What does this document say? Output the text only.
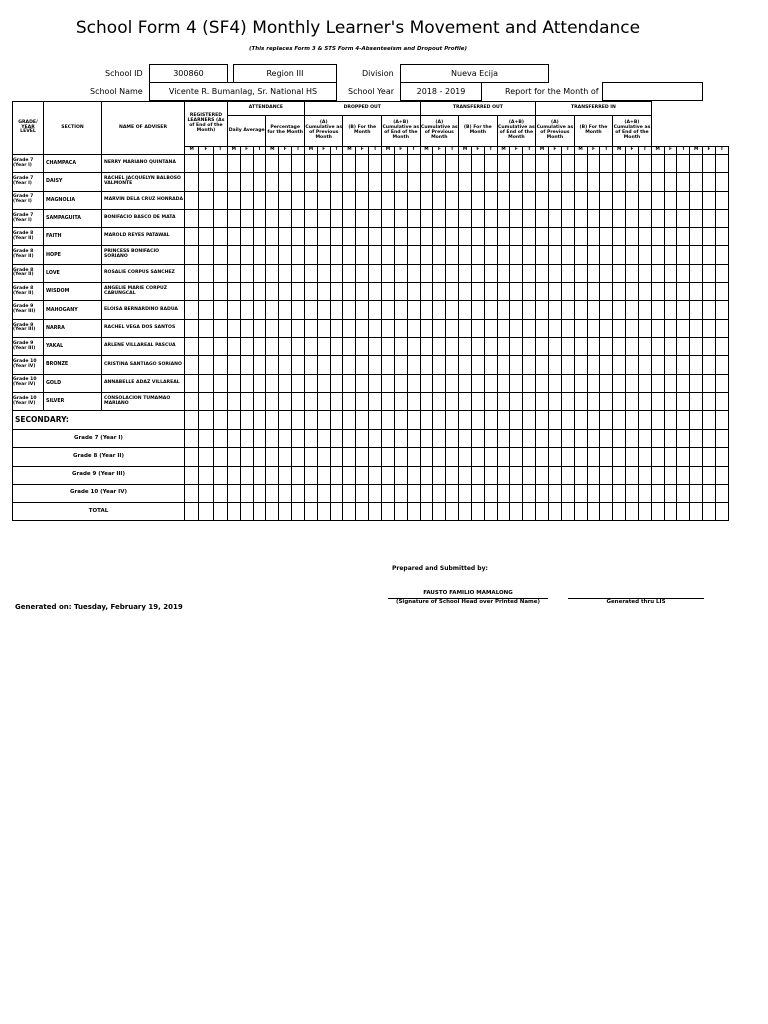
School Form 4 (SF4) Monthly Learner's Movement and Attendance
(This replaces Form 3 & STS Form 4-Absenteeism and Dropout Profile)
School ID	300860	Region III	Division	Nueva Ecija
School Name	Vicente R. Bumanlag, Sr. National HS	School Year	2018 - 2019	Report for the Month of
GRADE/ YEAR LEVEL	SECTION	NAME OF ADVISER	REGISTERED LEARNERS (As of End of the Month)			ATTENDANCE						DROPPED OUT									TRANSFERRED OUT									TRANSFERRED IN														
						Daily Average			Percentage for the Month			(A) Cumulative as of Previous Month			(B) For the Month			(A+B) Cumulative as of End of the Month			(A) Cumulative as of Previous Month			(B) For the Month			(A+B) Cumulative as of End of the Month			(A) Cumulative as of Previous Month			(B) For the Month			(A+B) Cumulative as of End of the Month								
			M	F	T	M	F	T	M	F	T	M	F	T	M	F	T	M	F	T	M	F	T	M	F	T	M	F	T	M	F	T	M	F	T	M	F	T	M	F	T	M	F	T
Grade 7 (Year I)	CHAMPACA	NERRY MARIANO QUINTANA																																										
Grade 7 (Year I)	DAISY	RACHEL JACQUELYN BALBOSO VALMONTE																																										
Grade 7 (Year I)	MAGNOLIA	MARVIN DELA CRUZ HONRADA																																										
Grade 7 (Year I)	SAMPAGUITA	BONIFACIO BASCO DE MATA																																										
Grade 8 (Year II)	FAITH	MAROLD REYES PATAWAL																																										
Grade 8 (Year II)	HOPE	PRINCESS BONIFACIO SORIANO																																										
Grade 8 (Year II)	LOVE	ROSALIE CORPUS SANCHEZ																																										
Grade 8 (Year II)	WISDOM	ANGELIE MARIE CORPUZ CABUNGCAL																																										
Grade 9 (Year III)	MAHOGANY	ELOISA BERNARDINO BADUA																																										
Grade 9 (Year III)	NARRA	RACHEL VEGA DOS SANTOS																																										
Grade 9 (Year III)	YAKAL	ARLENE VILLAREAL PASCUA																																										
Grade 10 (Year IV)	BRONZE	CRISTINA SANTIAGO SORIANO																																										
Grade 10 (Year IV)	GOLD	ANNABELLE ADAZ VILLAREAL																																										
Grade 10 (Year IV)	SILVER	CONSOLACION TUMAMAO MARIANO																																										
SECONDARY:																																												
Grade 7 (Year I)																																												
Grade 8 (Year II)																																												
Grade 9 (Year III)																																												
Grade 10 (Year IV)																																												
TOTAL																																												
Prepared and Submitted by:
FAUSTO FAMILIO MAMALONG
(Signature of School Head over Printed Name)	Generated thru LIS
Generated on: Tuesday, February 19, 2019
